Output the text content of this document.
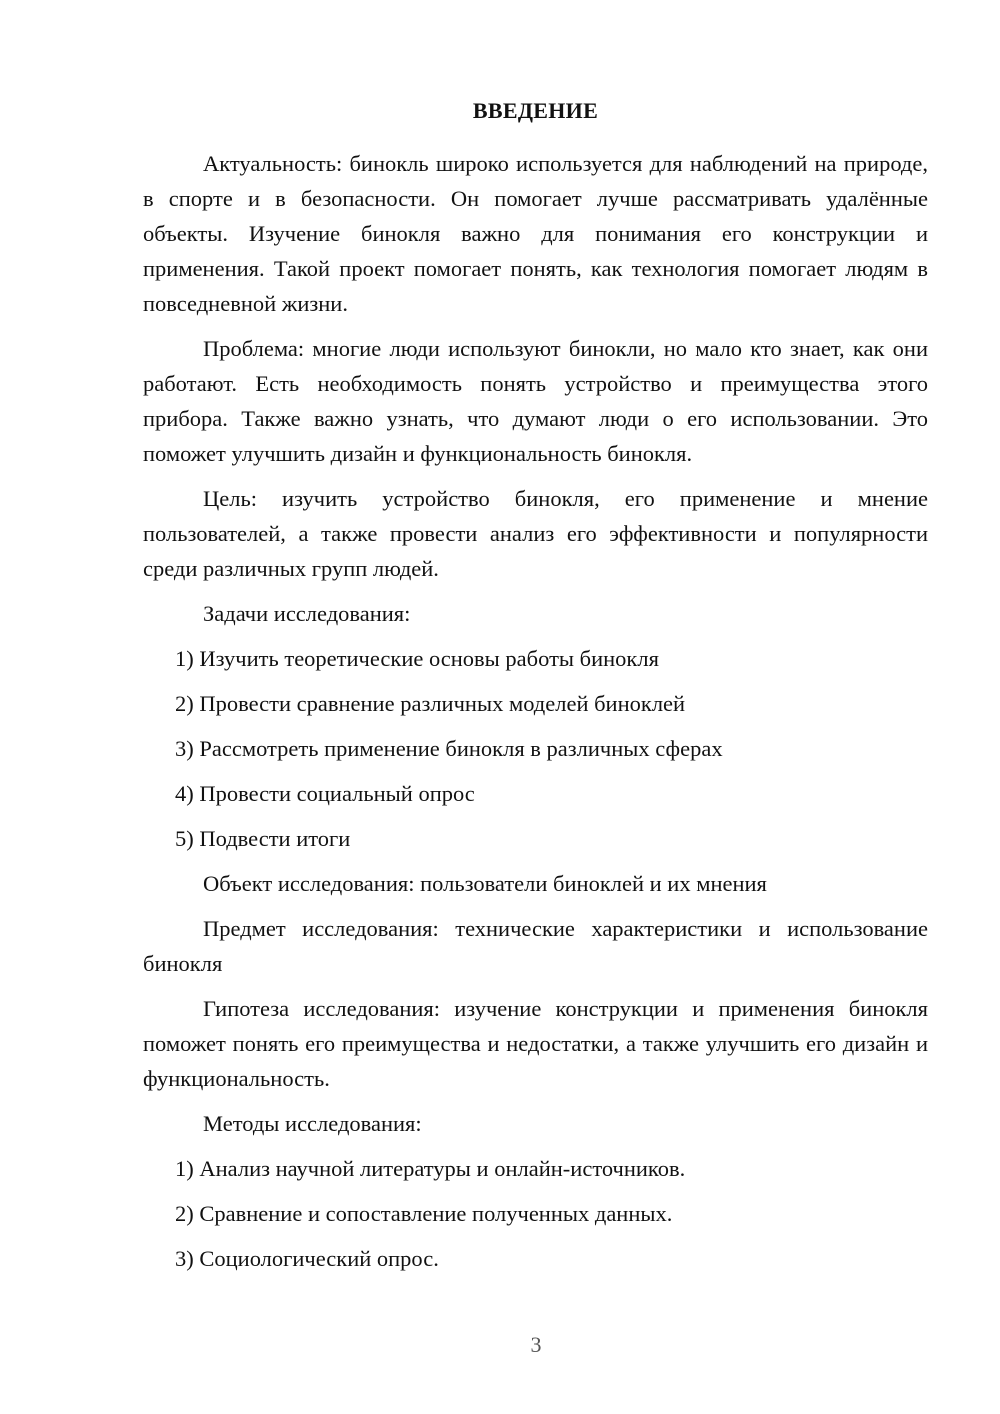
ВВЕДЕНИЕ

Актуальность: бинокль широко используется для наблюдений на природе, в спорте и в безопасности. Он помогает лучше рассматривать удалённые объекты. Изучение бинокля важно для понимания его конструкции и применения. Такой проект помогает понять, как технология помогает людям в повседневной жизни.

Проблема: многие люди используют бинокли, но мало кто знает, как они работают. Есть необходимость понять устройство и преимущества этого прибора. Также важно узнать, что думают люди о его использовании. Это поможет улучшить дизайн и функциональность бинокля.

Цель: изучить устройство бинокля, его применение и мнение пользователей, а также провести анализ его эффективности и популярности среди различных групп людей.

Задачи исследования:

1) Изучить теоретические основы работы бинокля
2) Провести сравнение различных моделей биноклей
3) Рассмотреть применение бинокля в различных сферах
4) Провести социальный опрос
5) Подвести итоги

Объект исследования: пользователи биноклей и их мнения

Предмет исследования: технические характеристики и использование бинокля

Гипотеза исследования: изучение конструкции и применения бинокля поможет понять его преимущества и недостатки, а также улучшить его дизайн и функциональность.

Методы исследования:

1) Анализ научной литературы и онлайн-источников.
2) Сравнение и сопоставление полученных данных.
3) Социологический опрос.
3
